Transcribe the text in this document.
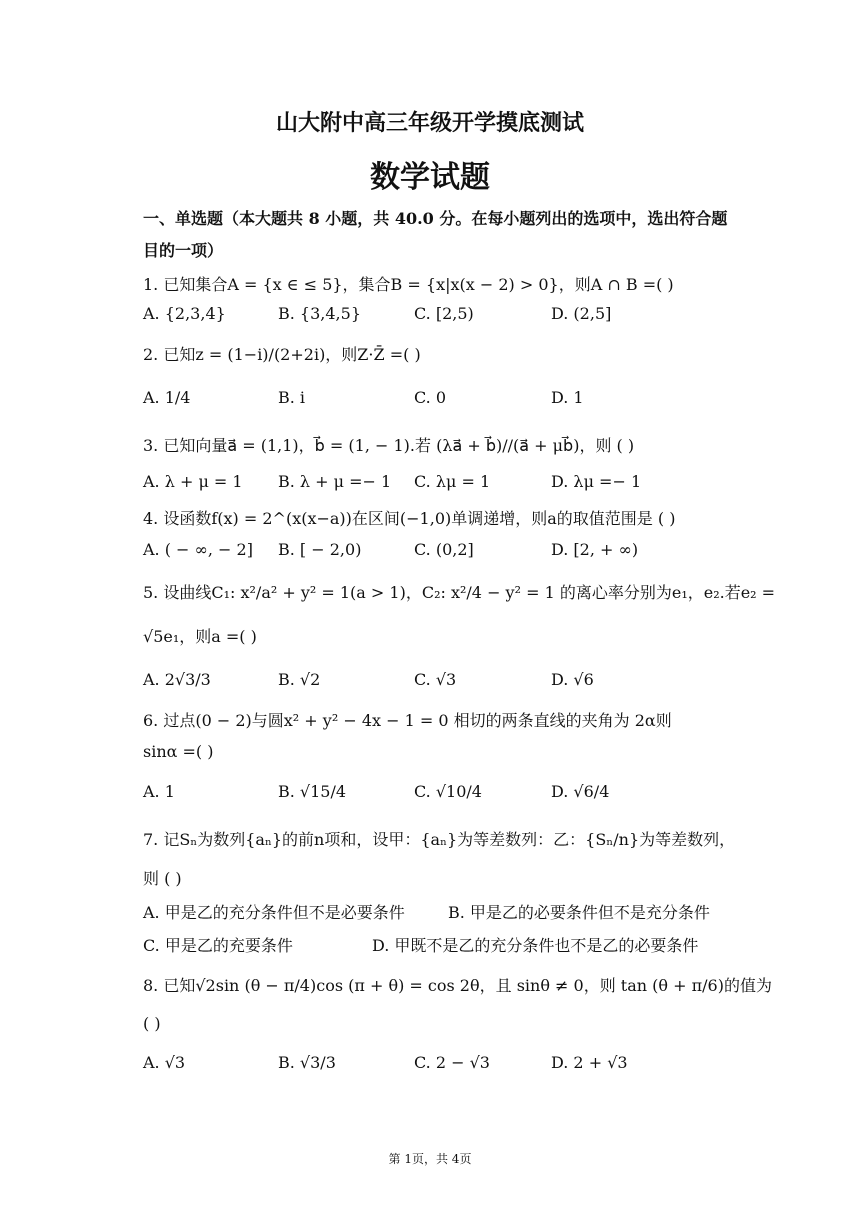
山大附中高三年级开学摸底测试
数学试题
一、单选题（本大题共 8 小题，共 40.0 分。在每小题列出的选项中，选出符合题
目的一项）
1. 已知集合A = {x ∈ ≤ 5}，集合B = {x|x(x − 2) > 0}，则A ∩ B =( )
A. {2,3,4}	B. {3,4,5}	C. [2,5)	D. (2,5]
2. 已知z = (1−i)/(2+2i)，则Z·Z̄ =( )
A. 1/4	B. i	C. 0	D. 1
3. 已知向量a⃗ = (1,1)，b⃗ = (1, − 1).若 (λa⃗ + b⃗)//(a⃗ + μb⃗)，则 ( )
A. λ + μ = 1 B. λ + μ =− 1 C. λμ = 1	D. λμ =− 1
4. 设函数f(x) = 2^(x(x−a))在区间(−1,0)单调递增，则a的取值范围是 ( )
A. ( − ∞, − 2] B. [ − 2,0)	C. (0,2]	D. [2, + ∞)
5. 设曲线C₁: x²/a² + y² = 1(a > 1)，C₂: x²/4 − y² = 1 的离心率分别为e₁，e₂.若e₂ =
√5e₁，则a =( )
A. 2√3/3	B. √2	C. √3	D. √6
6. 过点(0 − 2)与圆x² + y² − 4x − 1 = 0 相切的两条直线的夹角为 2α则
sinα =( )
A. 1	B. √15/4	C. √10/4	D. √6/4
7. 记Sₙ为数列{aₙ}的前n项和，设甲：{aₙ}为等差数列：乙：{Sₙ/n}为等差数列，
则 ( )
A. 甲是乙的充分条件但不是必要条件	B. 甲是乙的必要条件但不是充分条件
C. 甲是乙的充要条件	D. 甲既不是乙的充分条件也不是乙的必要条件
8. 已知√2sin (θ − π/4)cos (π + θ) = cos 2θ，且 sinθ ≠ 0，则 tan (θ + π/6)的值为
( )
A. √3	B. √3/3	C. 2 − √3	D. 2 + √3
第 1页，共 4页
